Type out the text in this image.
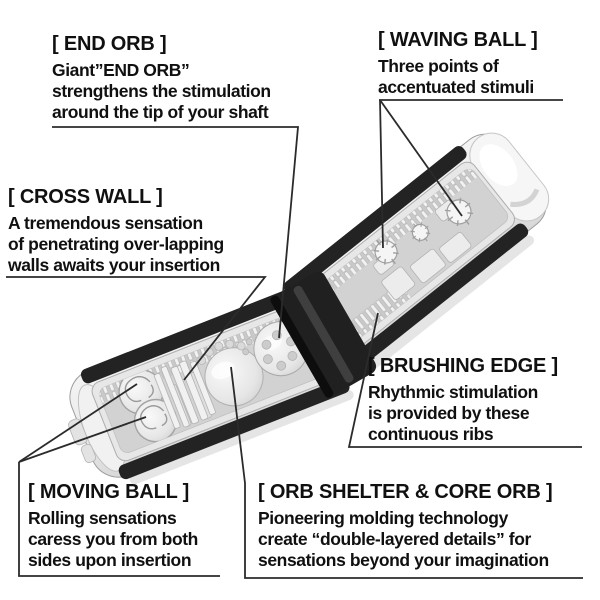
[ END ORB ]
Giant”END ORB”
strengthens the stimulation
around the tip of your shaft
[ WAVING BALL ]
Three points of
accentuated stimuli
[ CROSS WALL ]
A tremendous sensation
of penetrating over-lapping
walls awaits your insertion
[ BRUSHING EDGE ]
Rhythmic stimulation
is provided by these
continuous ribs
[ MOVING BALL ]
Rolling sensations
caress you from both
sides upon insertion
[ ORB SHELTER & CORE ORB ]
Pioneering molding technology
create “double-layered details” for
sensations beyond your imagination
